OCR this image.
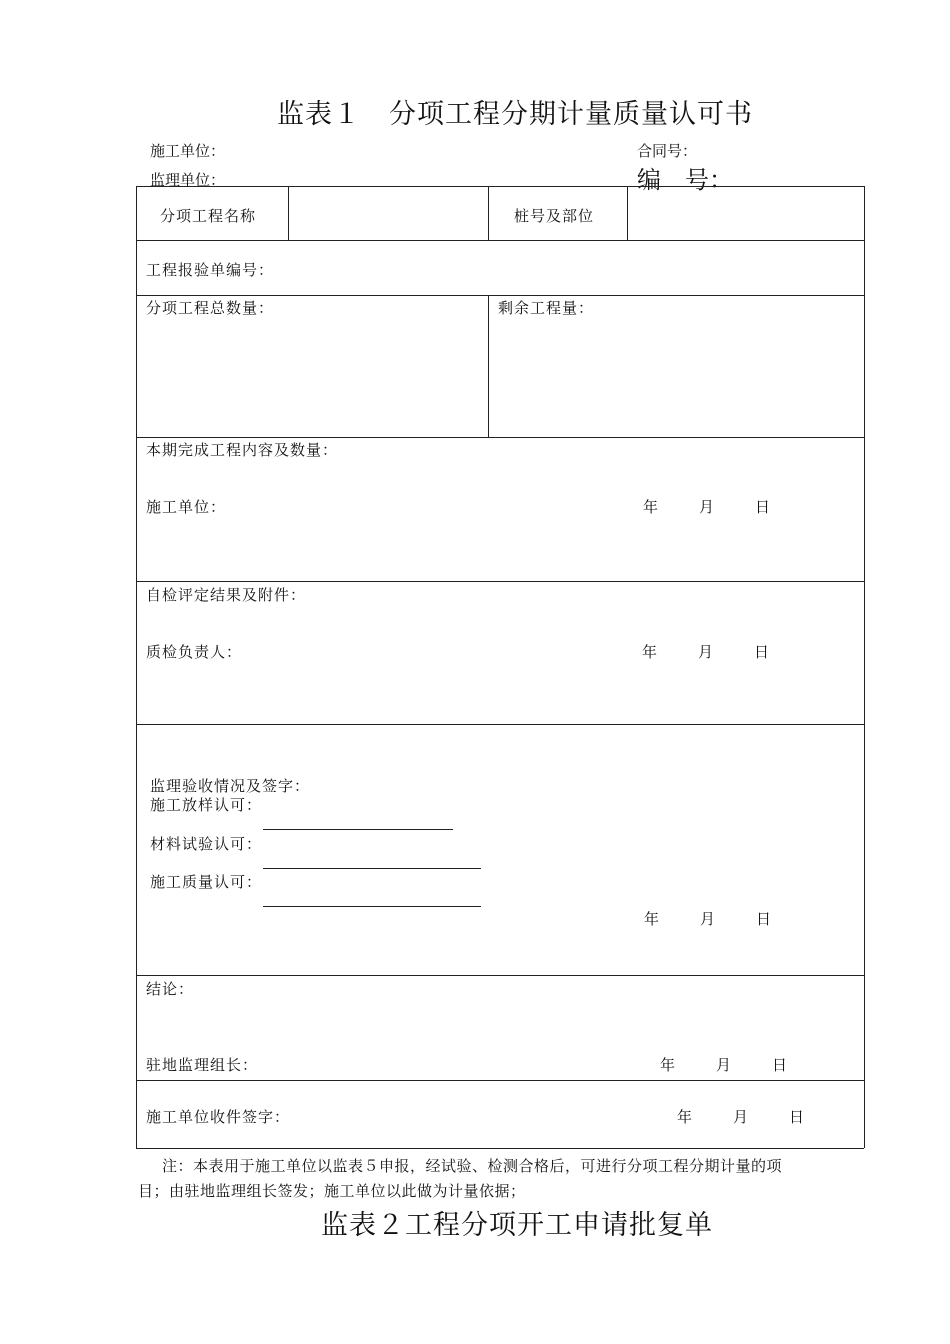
监表１　分项工程分期计量质量认可书
施工单位：
监理单位：
合同号：
编　号：
分项工程名称	桩号及部位
工程报验单编号：
分项工程总数量：	剩余工程量：
本期完成工程内容及数量：
施工单位：	年	月	日
自检评定结果及附件：
质检负责人：	年	月	日
监理验收情况及签字：
施工放样认可：
材料试验认可：
施工质量认可：
年	月	日
结论：
驻地监理组长：	年	月	日
施工单位收件签字：	年	月	日
注：本表用于施工单位以监表５申报，经试验、检测合格后，可进行分项工程分期计量的项
目；由驻地监理组长签发；施工单位以此做为计量依据；
监表２工程分项开工申请批复单
